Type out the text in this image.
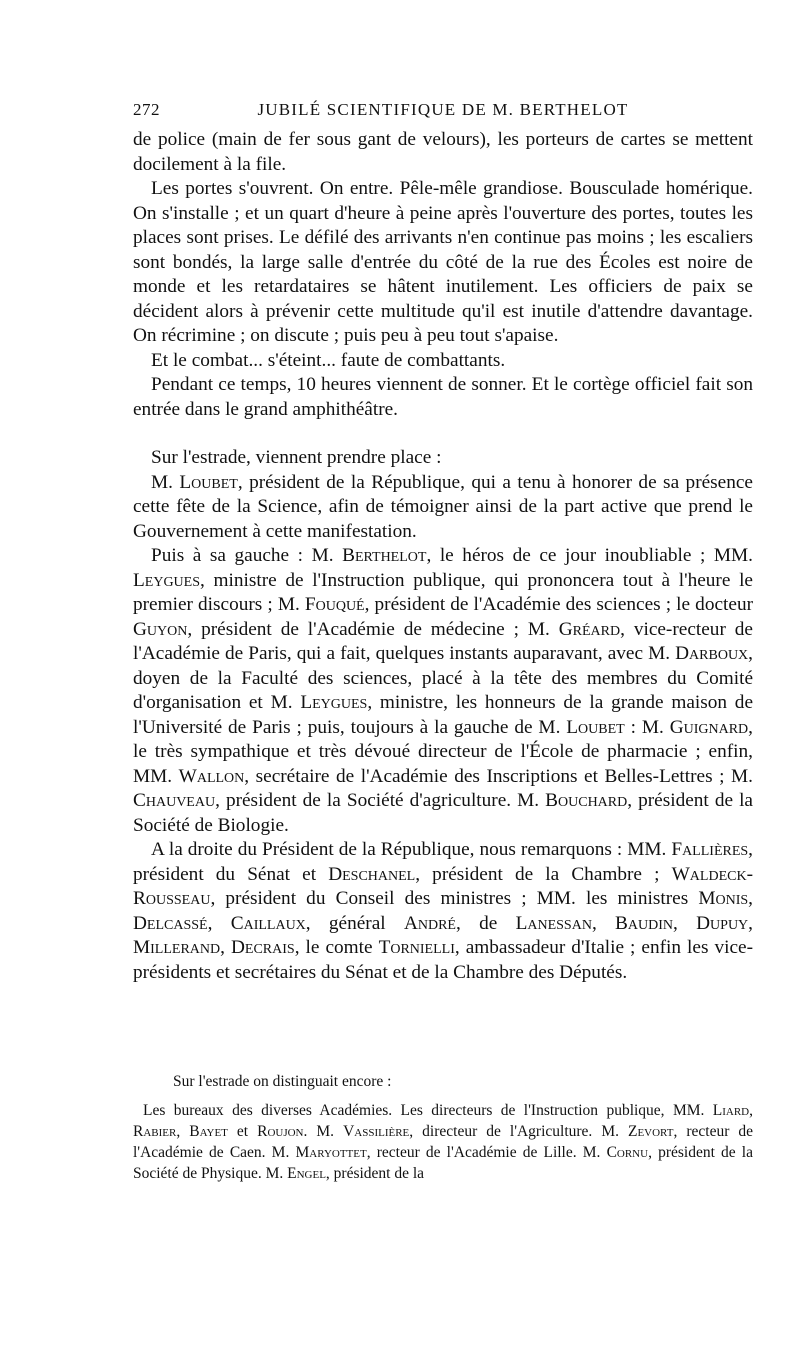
272	JUBILÉ SCIENTIFIQUE DE M. BERTHELOT

de police (main de fer sous gant de velours), les porteurs de cartes se mettent docilement à la file.

Les portes s'ouvrent. On entre. Pêle-mêle grandiose. Bousculade homérique. On s'installe ; et un quart d'heure à peine après l'ouverture des portes, toutes les places sont prises. Le défilé des arrivants n'en continue pas moins ; les escaliers sont bondés, la large salle d'entrée du côté de la rue des Écoles est noire de monde et les retardataires se hâtent inutilement. Les officiers de paix se décident alors à prévenir cette multitude qu'il est inutile d'attendre davantage. On récrimine ; on discute ; puis peu à peu tout s'apaise.

Et le combat... s'éteint... faute de combattants.

Pendant ce temps, 10 heures viennent de sonner. Et le cortège officiel fait son entrée dans le grand amphithéâtre.

Sur l'estrade, viennent prendre place :

M. Loubet, président de la République, qui a tenu à honorer de sa présence cette fête de la Science, afin de témoigner ainsi de la part active que prend le Gouvernement à cette manifestation.

Puis à sa gauche : M. Berthelot, le héros de ce jour inoubliable ; MM. Leygues, ministre de l'Instruction publique, qui prononcera tout à l'heure le premier discours ; M. Fouqué, président de l'Académie des sciences ; le docteur Guyon, président de l'Académie de médecine ; M. Gréard, vice-recteur de l'Académie de Paris, qui a fait, quelques instants auparavant, avec M. Darboux, doyen de la Faculté des sciences, placé à la tête des membres du Comité d'organisation et M. Leygues, ministre, les honneurs de la grande maison de l'Université de Paris ; puis, toujours à la gauche de M. Loubet : M. Guignard, le très sympathique et très dévoué directeur de l'École de pharmacie ; enfin, MM. Wallon, secrétaire de l'Académie des Inscriptions et Belles-Lettres ; M. Chauveau, président de la Société d'agriculture. M. Bouchard, président de la Société de Biologie.

A la droite du Président de la République, nous remarquons : MM. Fallières, président du Sénat et Deschanel, président de la Chambre ; Waldeck-Rousseau, président du Conseil des ministres ; MM. les ministres Monis, Delcassé, Caillaux, général André, de Lanessan, Baudin, Dupuy, Millerand, Decrais, le comte Tornielli, ambassadeur d'Italie ; enfin les vice-présidents et secrétaires du Sénat et de la Chambre des Députés.

Sur l'estrade on distinguait encore :

Les bureaux des diverses Académies. Les directeurs de l'Instruction publique, MM. Liard, Rabier, Bayet et Roujon. M. Vassilière, directeur de l'Agriculture. M. Zevort, recteur de l'Académie de Caen. M. Maryottet, recteur de l'Académie de Lille. M. Cornu, président de la Société de Physique. M. Engel, président de la
